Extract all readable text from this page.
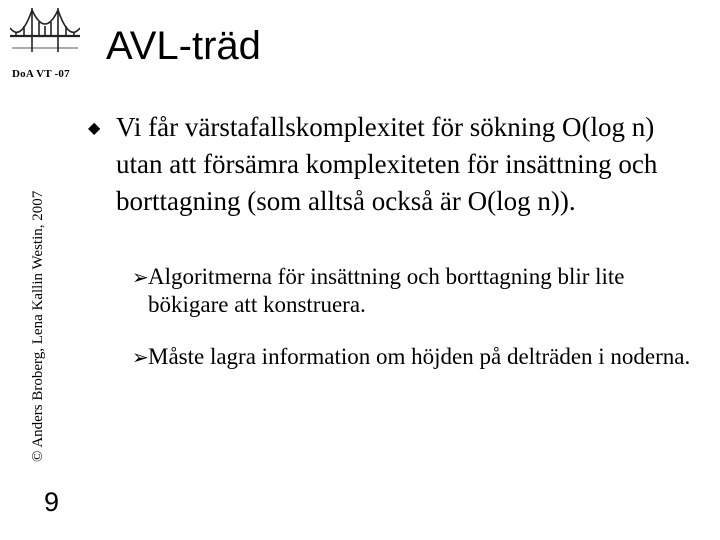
DoA VT -07
© Anders Broberg, Lena Kallin Westin, 2007
9
AVL-träd
◆ Vi får värstafallskomplexitet för sökning O(log n) utan att försämra komplexiteten för insättning och borttagning (som alltså också är O(log n)).
➢ Algoritmerna för insättning och borttagning blir lite bökigare att konstruera.
➢ Måste lagra information om höjden på delträden i noderna.
